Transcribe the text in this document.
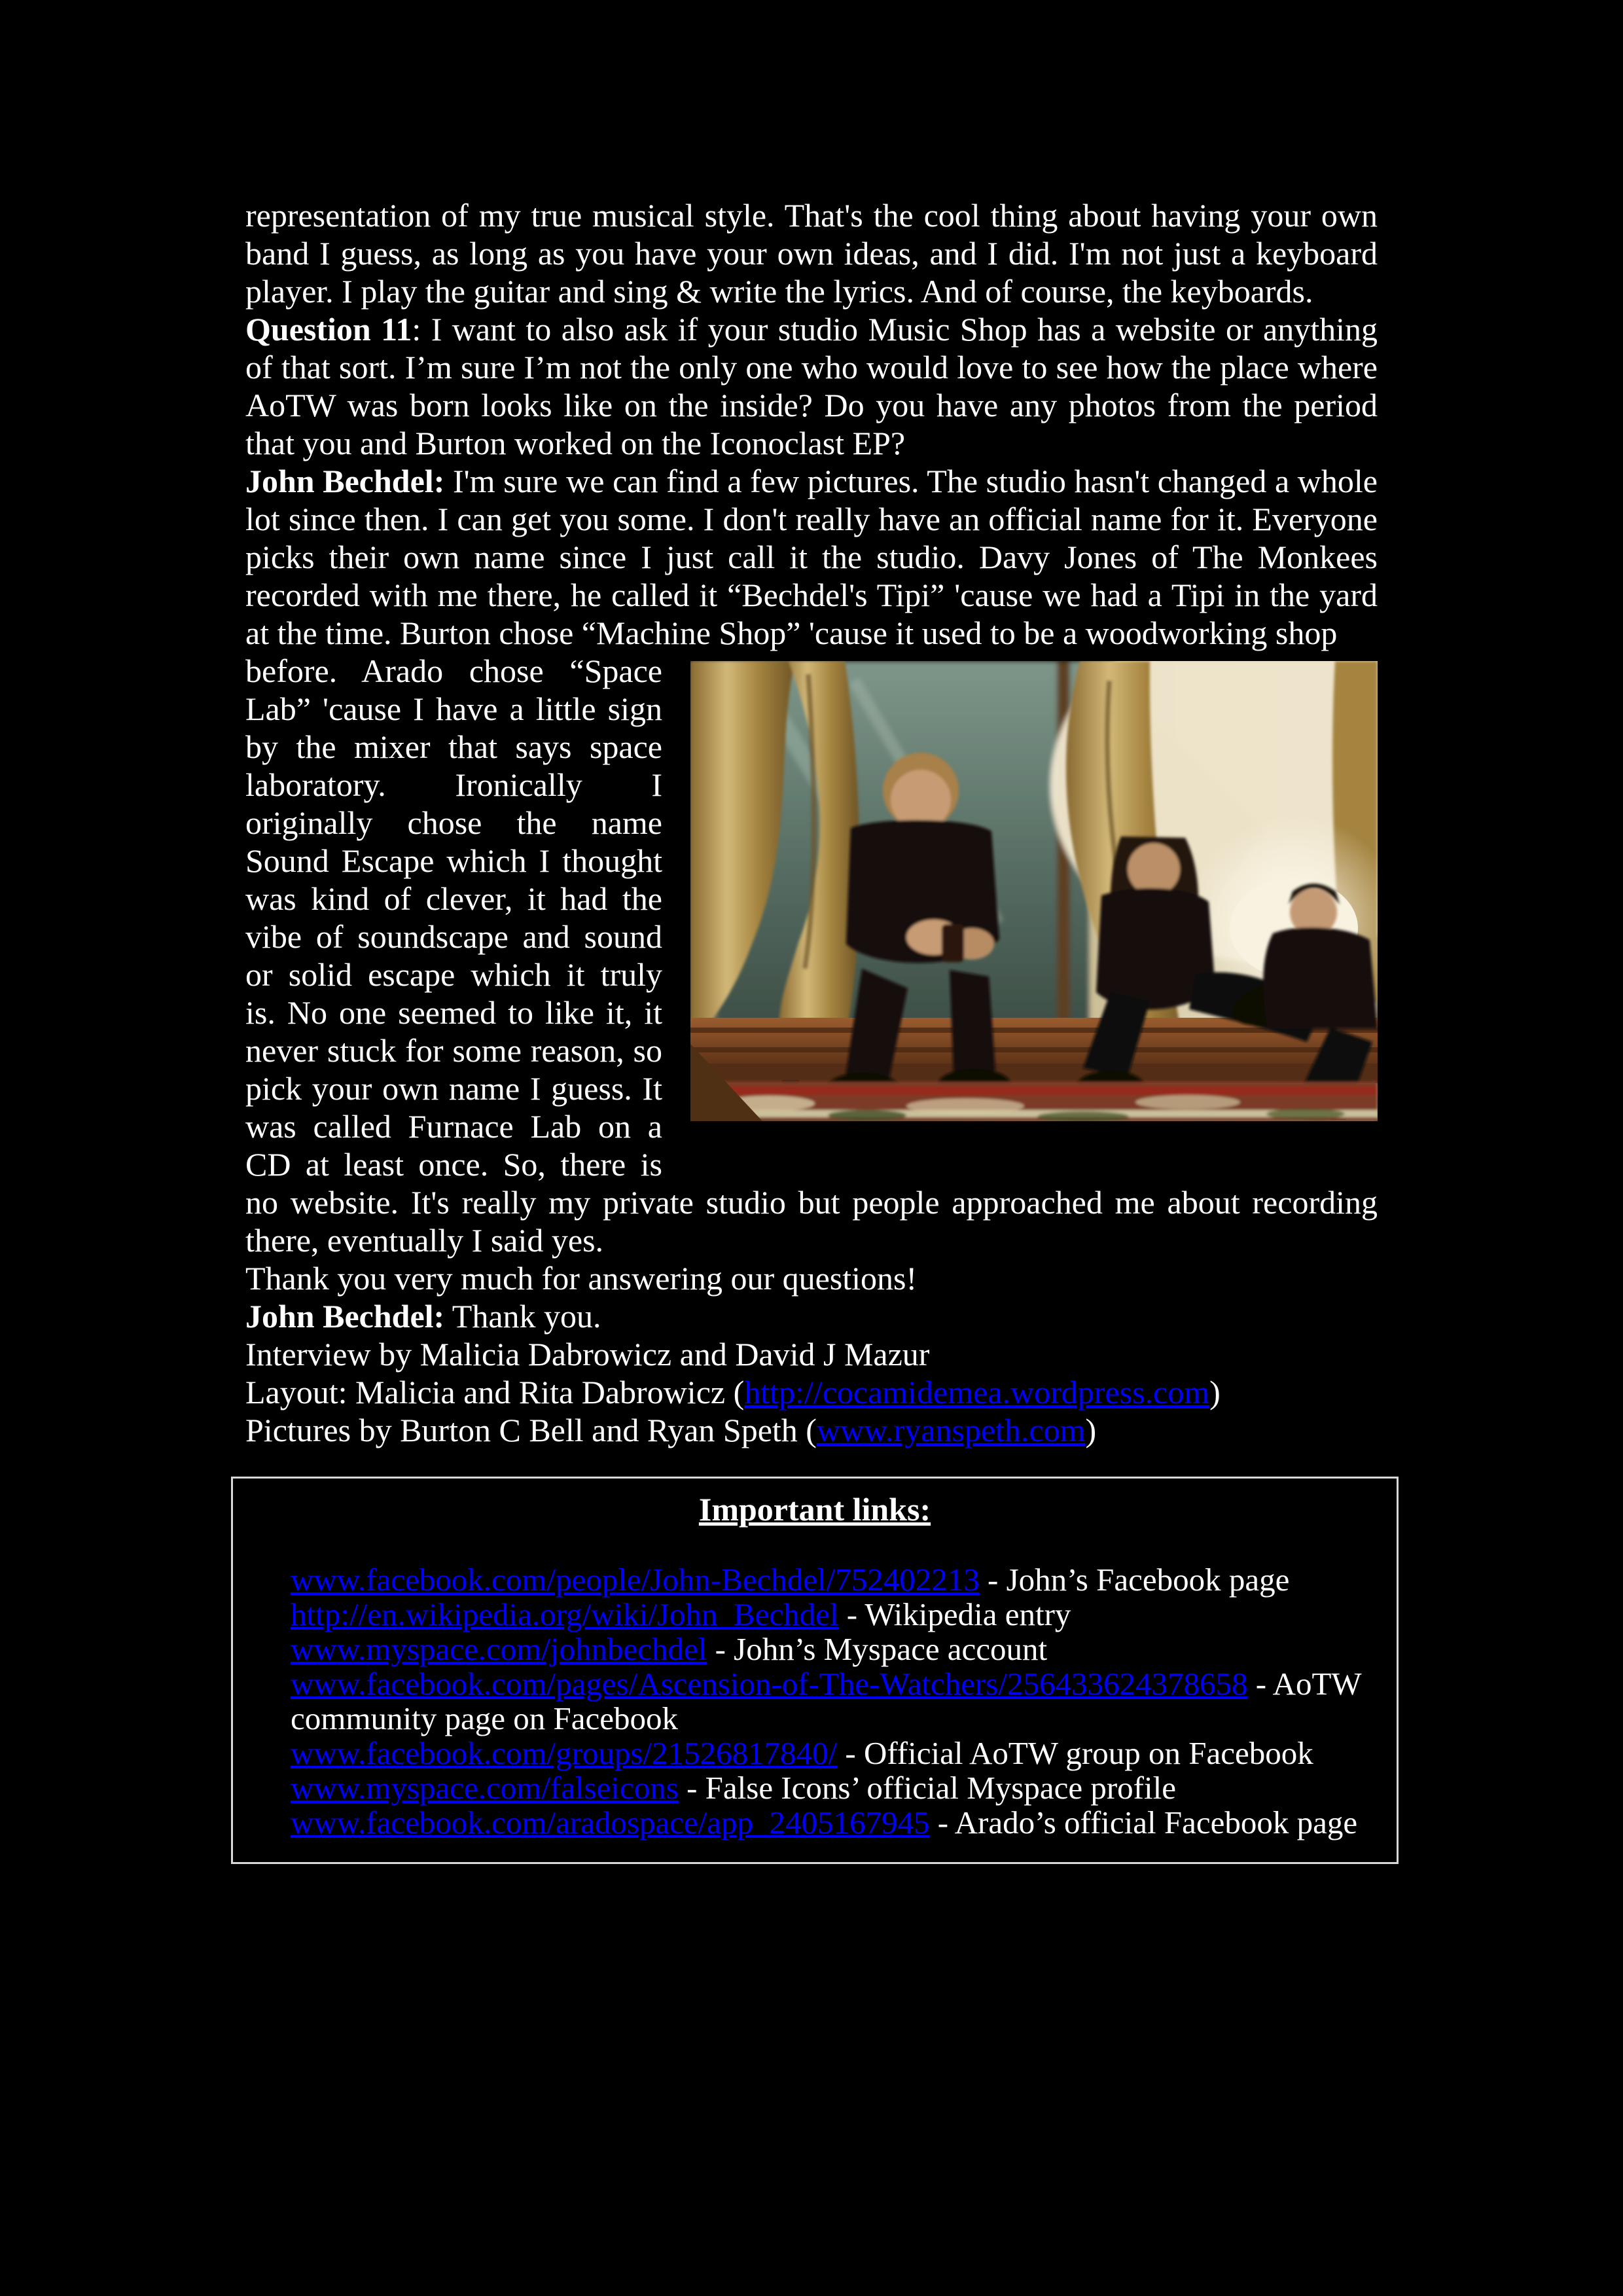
representation of my true musical style. That's the cool thing about having your own band I guess, as long as you have your own ideas, and I did. I'm not just a keyboard player. I play the guitar and sing & write the lyrics. And of course, the keyboards.

Question 11: I want to also ask if your studio Music Shop has a website or anything of that sort. I’m sure I’m not the only one who would love to see how the place where AoTW was born looks like on the inside? Do you have any photos from the period that you and Burton worked on the Iconoclast EP?

John Bechdel: I'm sure we can find a few pictures. The studio hasn't changed a whole lot since then. I can get you some. I don't really have an official name for it. Everyone picks their own name since I just call it the studio. Davy Jones of The Monkees recorded with me there, he called it “Bechdel's Tipi” 'cause we had a Tipi in the yard at the time. Burton chose “Machine Shop” 'cause it used to be a woodworking shop

before. Arado chose “Space Lab” 'cause I have a little sign by the mixer that says space laboratory. Ironically I originally chose the name Sound Escape which I thought was kind of clever, it had the vibe of soundscape and sound or solid escape which it truly is. No one seemed to like it, it never stuck for some reason, so pick your own name I guess. It was called Furnace Lab on a CD at least once. So, there is no website. It's really my private studio but people approached me about recording there, eventually I said yes.

Thank you very much for answering our questions!

John Bechdel: Thank you.

Interview by Malicia Dabrowicz and David J Mazur

Layout: Malicia and Rita Dabrowicz (http://cocamidemea.wordpress.com)

Pictures by Burton C Bell and Ryan Speth (www.ryanspeth.com)

Important links:
www.facebook.com/people/John-Bechdel/752402213 - John’s Facebook page
http://en.wikipedia.org/wiki/John_Bechdel - Wikipedia entry
www.myspace.com/johnbechdel - John’s Myspace account
www.facebook.com/pages/Ascension-of-The-Watchers/256433624378658 - AoTW community page on Facebook
www.facebook.com/groups/21526817840/ - Official AoTW group on Facebook
www.myspace.com/falseicons - False Icons’ official Myspace profile
www.facebook.com/aradospace/app_2405167945 - Arado’s official Facebook page
